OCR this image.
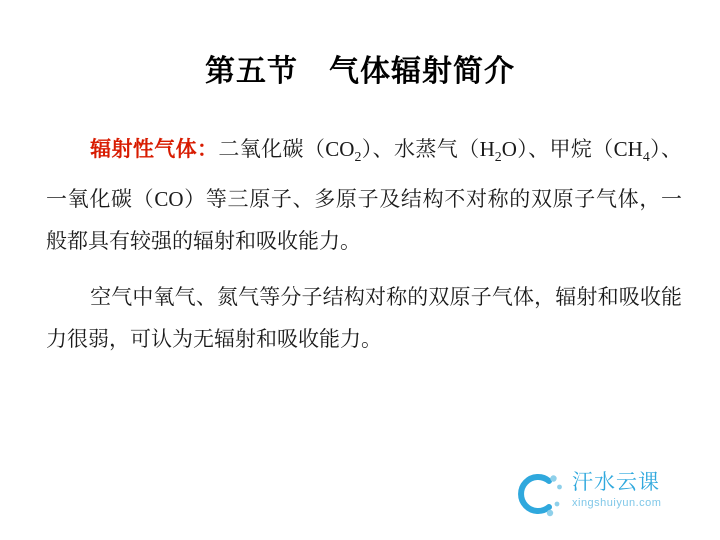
第五节　气体辐射简介

辐射性气体：二氧化碳$(CO_2)$、水蒸气$(H_2O)$、甲烷$(CH_4)$、一氧化碳（CO）等三原子、多原子及结构不对称的双原子气体，一般都具有较强的辐射和吸收能力。

空气中氧气、氮气等分子结构对称的双原子气体，辐射和吸收能力很弱，可认为无辐射和吸收能力。

汗水云课
xingshuiyun.com
